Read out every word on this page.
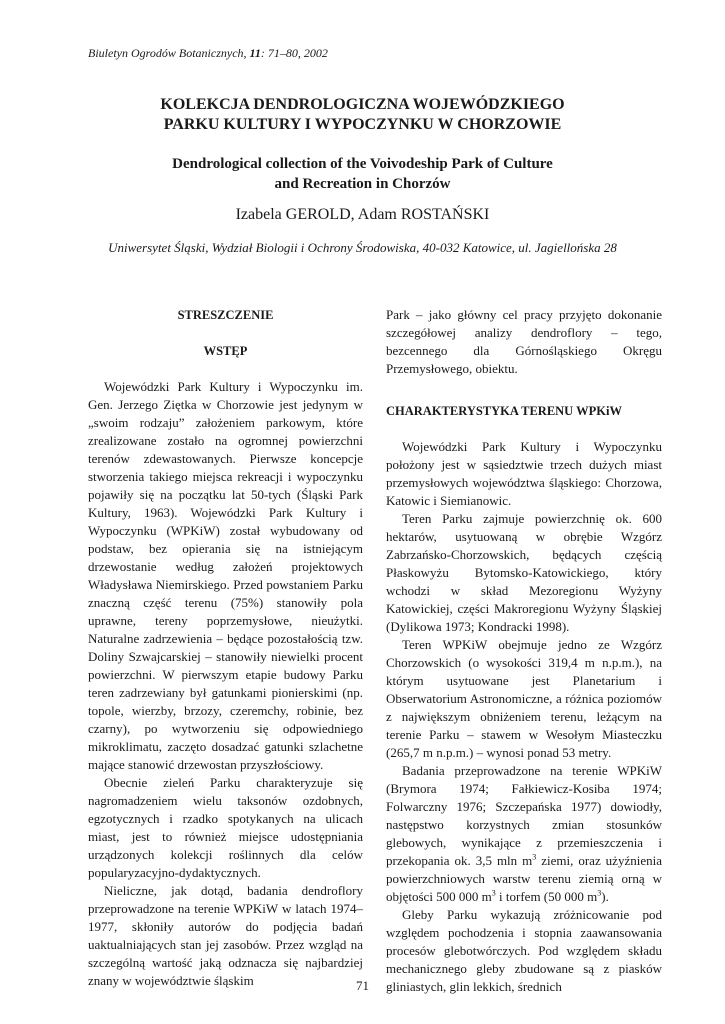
Biuletyn Ogrodów Botanicznych, 11: 71–80, 2002
KOLEKCJA DENDROLOGICZNA WOJEWÓDZKIEGO
PARKU KULTURY I WYPOCZYNKU W CHORZOWIE
Dendrological collection of the Voivodeship Park of Culture
and Recreation in Chorzów
Izabela GEROLD, Adam ROSTAŃSKI
Uniwersytet Śląski, Wydział Biologii i Ochrony Środowiska, 40-032 Katowice, ul. Jagiellońska 28
STRESZCZENIE
WSTĘP

Wojewódzki Park Kultury i Wypoczynku im. Gen. Jerzego Ziętka w Chorzowie jest jedynym w „swoim rodzaju” założeniem parkowym, które zrealizowane zostało na ogromnej powierzchni terenów zdewastowanych. Pierwsze koncepcje stworzenia takiego miejsca rekreacji i wypoczynku pojawiły się na początku lat 50-tych (Śląski Park Kultury, 1963). Wojewódzki Park Kultury i Wypoczynku (WPKiW) został wybudowany od podstaw, bez opierania się na istniejącym drzewostanie według założeń projektowych Władysława Niemirskiego. Przed powstaniem Parku znaczną część terenu (75%) stanowiły pola uprawne, tereny poprzemysłowe, nieużytki. Naturalne zadrzewienia – będące pozostałością tzw. Doliny Szwajcarskiej – stanowiły niewielki procent powierzchni. W pierwszym etapie budowy Parku teren zadrzewiany był gatunkami pionierskimi (np. topole, wierzby, brzozy, czeremchy, robinie, bez czarny), po wytworzeniu się odpowiedniego mikroklimatu, zaczęto dosadzać gatunki szlachetne mające stanowić drzewostan przyszłościowy.

Obecnie zieleń Parku charakteryzuje się nagromadzeniem wielu taksonów ozdobnych, egzotycznych i rzadko spotykanych na ulicach miast, jest to również miejsce udostępniania urządzonych kolekcji roślinnych dla celów popularyzacyjno-dydaktycznych.

Nieliczne, jak dotąd, badania dendroflory przeprowadzone na terenie WPKiW w latach 1974–1977, skłoniły autorów do podjęcia badań uaktualniających stan jej zasobów. Przez wzgląd na szczególną wartość jaką odznacza się najbardziej znany w województwie śląskim

Park – jako główny cel pracy przyjęto dokonanie szczegółowej analizy dendroflory – tego, bezcennego dla Górnośląskiego Okręgu Przemysłowego, obiektu.

CHARAKTERYSTYKA TERENU WPKiW

Wojewódzki Park Kultury i Wypoczynku położony jest w sąsiedztwie trzech dużych miast przemysłowych województwa śląskiego: Chorzowa, Katowic i Siemianowic.

Teren Parku zajmuje powierzchnię ok. 600 hektarów, usytuowaną w obrębie Wzgórz Zabrzańsko-Chorzowskich, będących częścią Płaskowyżu Bytomsko-Katowickiego, który wchodzi w skład Mezoregionu Wyżyny Katowickiej, części Makroregionu Wyżyny Śląskiej (Dylikowa 1973; Kondracki 1998).

Teren WPKiW obejmuje jedno ze Wzgórz Chorzowskich (o wysokości 319,4 m n.p.m.), na którym usytuowane jest Planetarium i Obserwatorium Astronomiczne, a różnica poziomów z największym obniżeniem terenu, leżącym na terenie Parku – stawem w Wesołym Miasteczku (265,7 m n.p.m.) – wynosi ponad 53 metry.

Badania przeprowadzone na terenie WPKiW (Brymora 1974; Fałkiewicz-Kosiba 1974; Folwarczny 1976; Szczepańska 1977) dowiodły, następstwo korzystnych zmian stosunków glebowych, wynikające z przemieszczenia i przekopania ok. 3,5 mln $m^3$ ziemi, oraz użyźnienia powierzchniowych warstw terenu ziemią orną w objętości 500 000 $m^3$ i torfem (50 000 $m^3$).

Gleby Parku wykazują zróżnicowanie pod względem pochodzenia i stopnia zaawansowania procesów glebotwórczych. Pod względem składu mechanicznego gleby zbudowane są z piasków gliniastych, glin lekkich, średnich

71
